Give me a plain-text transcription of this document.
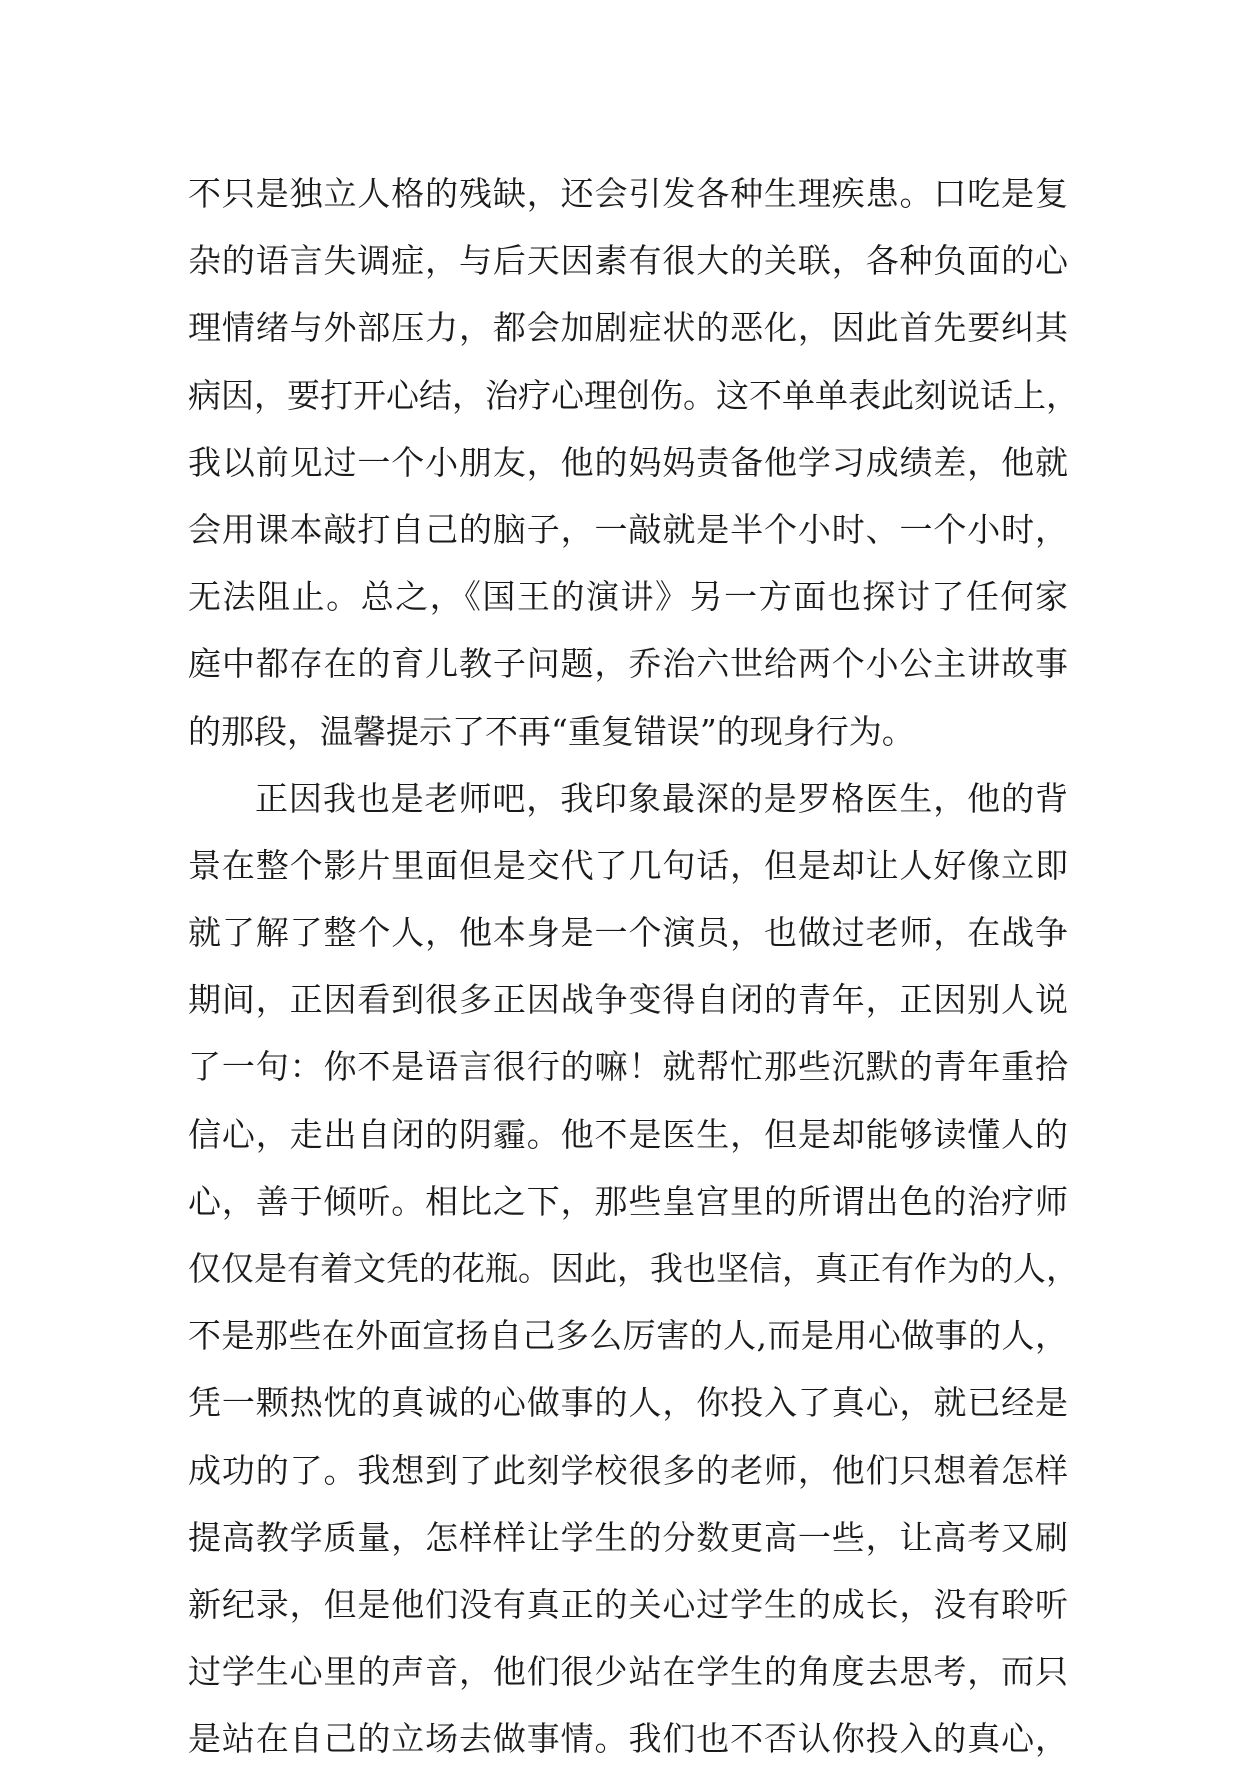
不只是独立人格的残缺，还会引发各种生理疾患。口吃是复
杂的语言失调症，与后天因素有很大的关联，各种负面的心
理情绪与外部压力，都会加剧症状的恶化，因此首先要纠其
病因，要打开心结，治疗心理创伤。这不单单表此刻说话上，
我以前见过一个小朋友，他的妈妈责备他学习成绩差，他就
会用课本敲打自己的脑子，一敲就是半个小时、一个小时，
无法阻止。总之，《国王的演讲》另一方面也探讨了任何家
庭中都存在的育儿教子问题，乔治六世给两个小公主讲故事
的那段，温馨提示了不再“重复错误”的现身行为。
正因我也是老师吧，我印象最深的是罗格医生，他的背
景在整个影片里面但是交代了几句话，但是却让人好像立即
就了解了整个人，他本身是一个演员，也做过老师，在战争
期间，正因看到很多正因战争变得自闭的青年，正因别人说
了一句：你不是语言很行的嘛！就帮忙那些沉默的青年重拾
信心，走出自闭的阴霾。他不是医生，但是却能够读懂人的
心，善于倾听。相比之下，那些皇宫里的所谓出色的治疗师
仅仅是有着文凭的花瓶。因此，我也坚信，真正有作为的人，
不是那些在外面宣扬自己多么厉害的人,而是用心做事的人，
凭一颗热忱的真诚的心做事的人，你投入了真心，就已经是
成功的了。我想到了此刻学校很多的老师，他们只想着怎样
提高教学质量，怎样样让学生的分数更高一些，让高考又刷
新纪录，但是他们没有真正的关心过学生的成长，没有聆听
过学生心里的声音，他们很少站在学生的角度去思考，而只
是站在自己的立场去做事情。我们也不否认你投入的真心，
